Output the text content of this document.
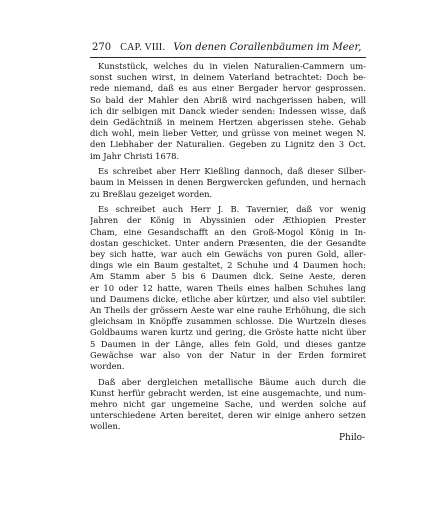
270 CAP. VIII. Von denen Corallenbäumen im Meer,
Kunststück, welches du in vielen Naturalien-Cammern um-
sonst suchen wirst, in deinem Vaterland betrachtet: Doch be-
rede niemand, daß es aus einer Bergader hervor gesprossen.
So bald der Mahler den Abriß wird nachgerissen haben, will
ich dir selbigen mit Danck wieder senden: Indessen wisse, daß
dein Gedächtniß in meinem Hertzen abgerissen stehe. Gehab
dich wohl, mein lieber Vetter, und grüsse von meinet wegen N.
den Liebhaber der Naturalien. Gegeben zu Lignitz den 3 Oct.
im Jahr Christi 1678.
Es schreibet aber Herr Kießling dannoch, daß dieser Silber-
baum in Meissen in denen Bergwercken gefunden, und hernach
zu Breßlau gezeiget worden.
Es schreibet auch Herr J. B. Tavernier, daß vor wenig
Jahren der König in Abyssinien oder Æthiopien Prester
Cham, eine Gesandschafft an den Groß-Mogol König in In-
dostan geschicket. Unter andern Præsenten, die der Gesandte
bey sich hatte, war auch ein Gewächs von puren Gold, aller-
dings wie ein Baum gestaltet, 2 Schuhe und 4 Daumen hoch:
Am Stamm aber 5 bis 6 Daumen dick. Seine Aeste, deren
er 10 oder 12 hatte, waren Theils eines halben Schuhes lang
und Daumens dicke, etliche aber kürtzer, und also viel subtiler.
An Theils der grössern Aeste war eine rauhe Erhöhung, die sich
gleichsam in Knöpffe zusammen schlosse. Die Wurtzeln dieses
Goldbaums waren kurtz und gering, die Gröste hatte nicht über
5 Daumen in der Länge, alles fein Gold, und dieses gantze
Gewächse war also von der Natur in der Erden formiret
worden.
Daß aber dergleichen metallische Bäume auch durch die
Kunst herfür gebracht werden, ist eine ausgemachte, und num-
mehro nicht gar ungemeine Sache, und werden solche auf
unterschiedene Arten bereitet, deren wir einige anhero setzen
wollen.
Philo-
